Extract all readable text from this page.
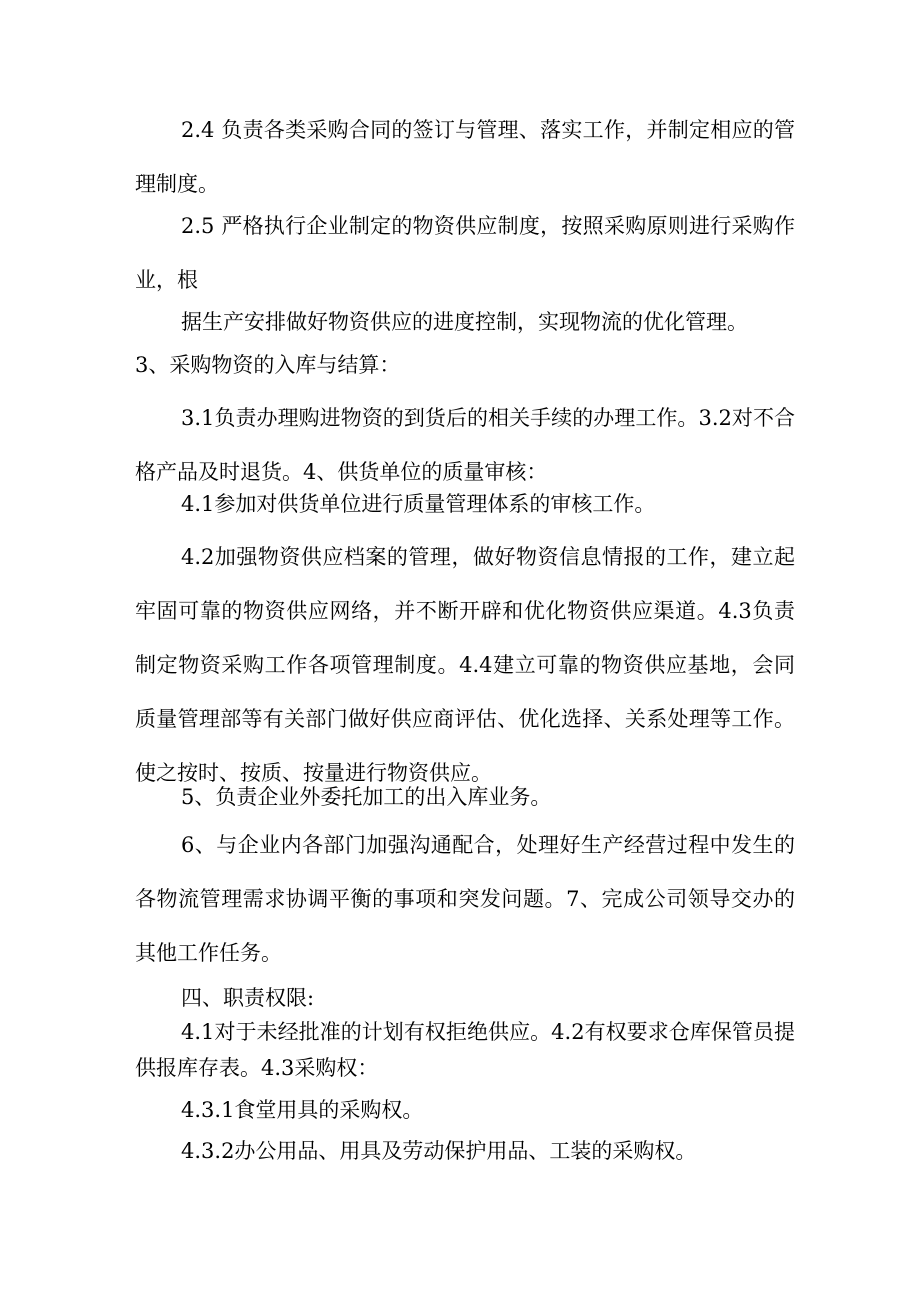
2.4 负责各类采购合同的签订与管理、落实工作，并制定相应的管理制度。

2.5 严格执行企业制定的物资供应制度，按照采购原则进行采购作业，根

据生产安排做好物资供应的进度控制，实现物流的优化管理。

3、采购物资的入库与结算：

3.1负责办理购进物资的到货后的相关手续的办理工作。3.2对不合格产品及时退货。4、供货单位的质量审核：

4.1参加对供货单位进行质量管理体系的审核工作。

4.2加强物资供应档案的管理，做好物资信息情报的工作，建立起牢固可靠的物资供应网络，并不断开辟和优化物资供应渠道。4.3负责制定物资采购工作各项管理制度。4.4建立可靠的物资供应基地，会同质量管理部等有关部门做好供应商评估、优化选择、关系处理等工作。使之按时、按质、按量进行物资供应。

5、负责企业外委托加工的出入库业务。

6、与企业内各部门加强沟通配合，处理好生产经营过程中发生的各物流管理需求协调平衡的事项和突发问题。7、完成公司领导交办的其他工作任务。

四、职责权限:

4.1对于未经批准的计划有权拒绝供应。4.2有权要求仓库保管员提供报库存表。4.3采购权：

4.3.1食堂用具的采购权。

4.3.2办公用品、用具及劳动保护用品、工装的采购权。
